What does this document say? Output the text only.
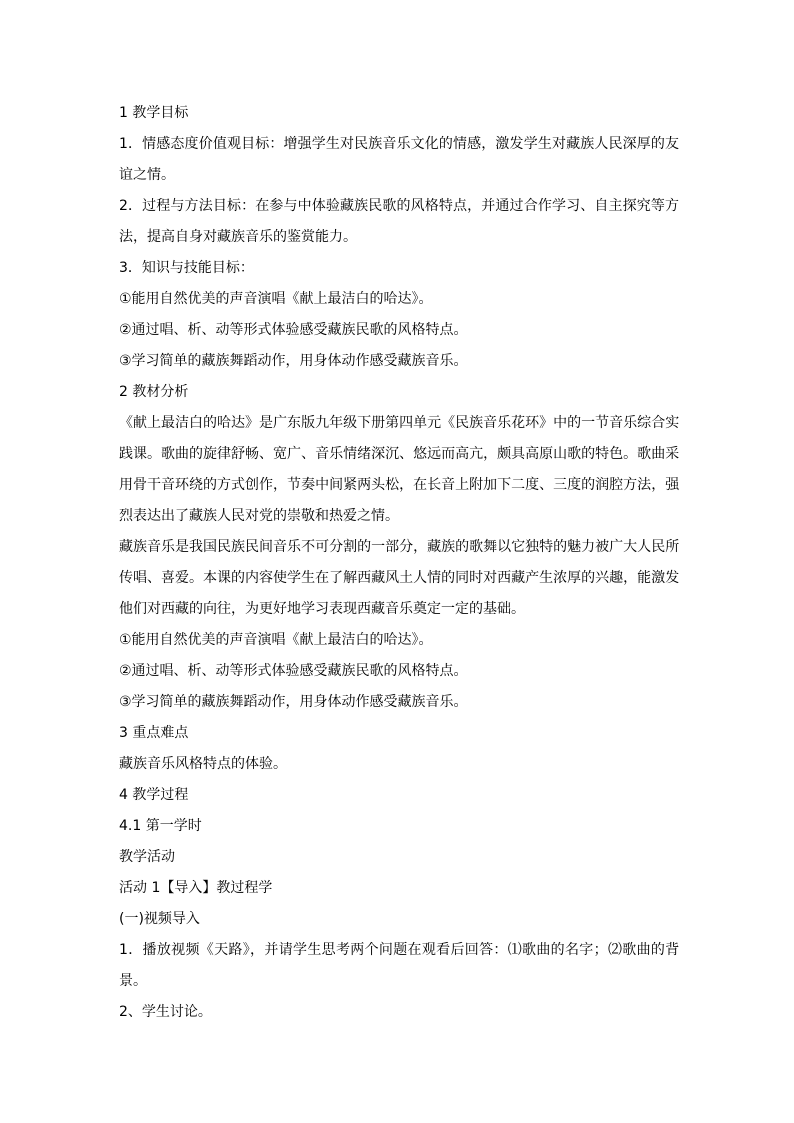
1 教学目标

1．情感态度价值观目标：增强学生对民族音乐文化的情感，激发学生对藏族人民深厚的友

谊之情。

2．过程与方法目标：在参与中体验藏族民歌的风格特点，并通过合作学习、自主探究等方

法，提高自身对藏族音乐的鉴赏能力。

3．知识与技能目标：

①能用自然优美的声音演唱《献上最洁白的哈达》。

②通过唱、析、动等形式体验感受藏族民歌的风格特点。

③学习简单的藏族舞蹈动作，用身体动作感受藏族音乐。

2 教材分析

《献上最洁白的哈达》是广东版九年级下册第四单元《民族音乐花环》中的一节音乐综合实

践课。歌曲的旋律舒畅、宽广、音乐情绪深沉、悠远而高亢，颇具高原山歌的特色。歌曲采

用骨干音环绕的方式创作，节奏中间紧两头松，在长音上附加下二度、三度的润腔方法，强

烈表达出了藏族人民对党的崇敬和热爱之情。

藏族音乐是我国民族民间音乐不可分割的一部分，藏族的歌舞以它独特的魅力被广大人民所

传唱、喜爱。本课的内容使学生在了解西藏风土人情的同时对西藏产生浓厚的兴趣，能激发

他们对西藏的向往，为更好地学习表现西藏音乐奠定一定的基础。

①能用自然优美的声音演唱《献上最洁白的哈达》。

②通过唱、析、动等形式体验感受藏族民歌的风格特点。

③学习简单的藏族舞蹈动作，用身体动作感受藏族音乐。

3 重点难点

藏族音乐风格特点的体验。

4 教学过程

4.1 第一学时

教学活动

活动 1【导入】教过程学

(一)视频导入

1．播放视频《天路》，并请学生思考两个问题在观看后回答：⑴歌曲的名字；⑵歌曲的背

景。

2、学生讨论。
